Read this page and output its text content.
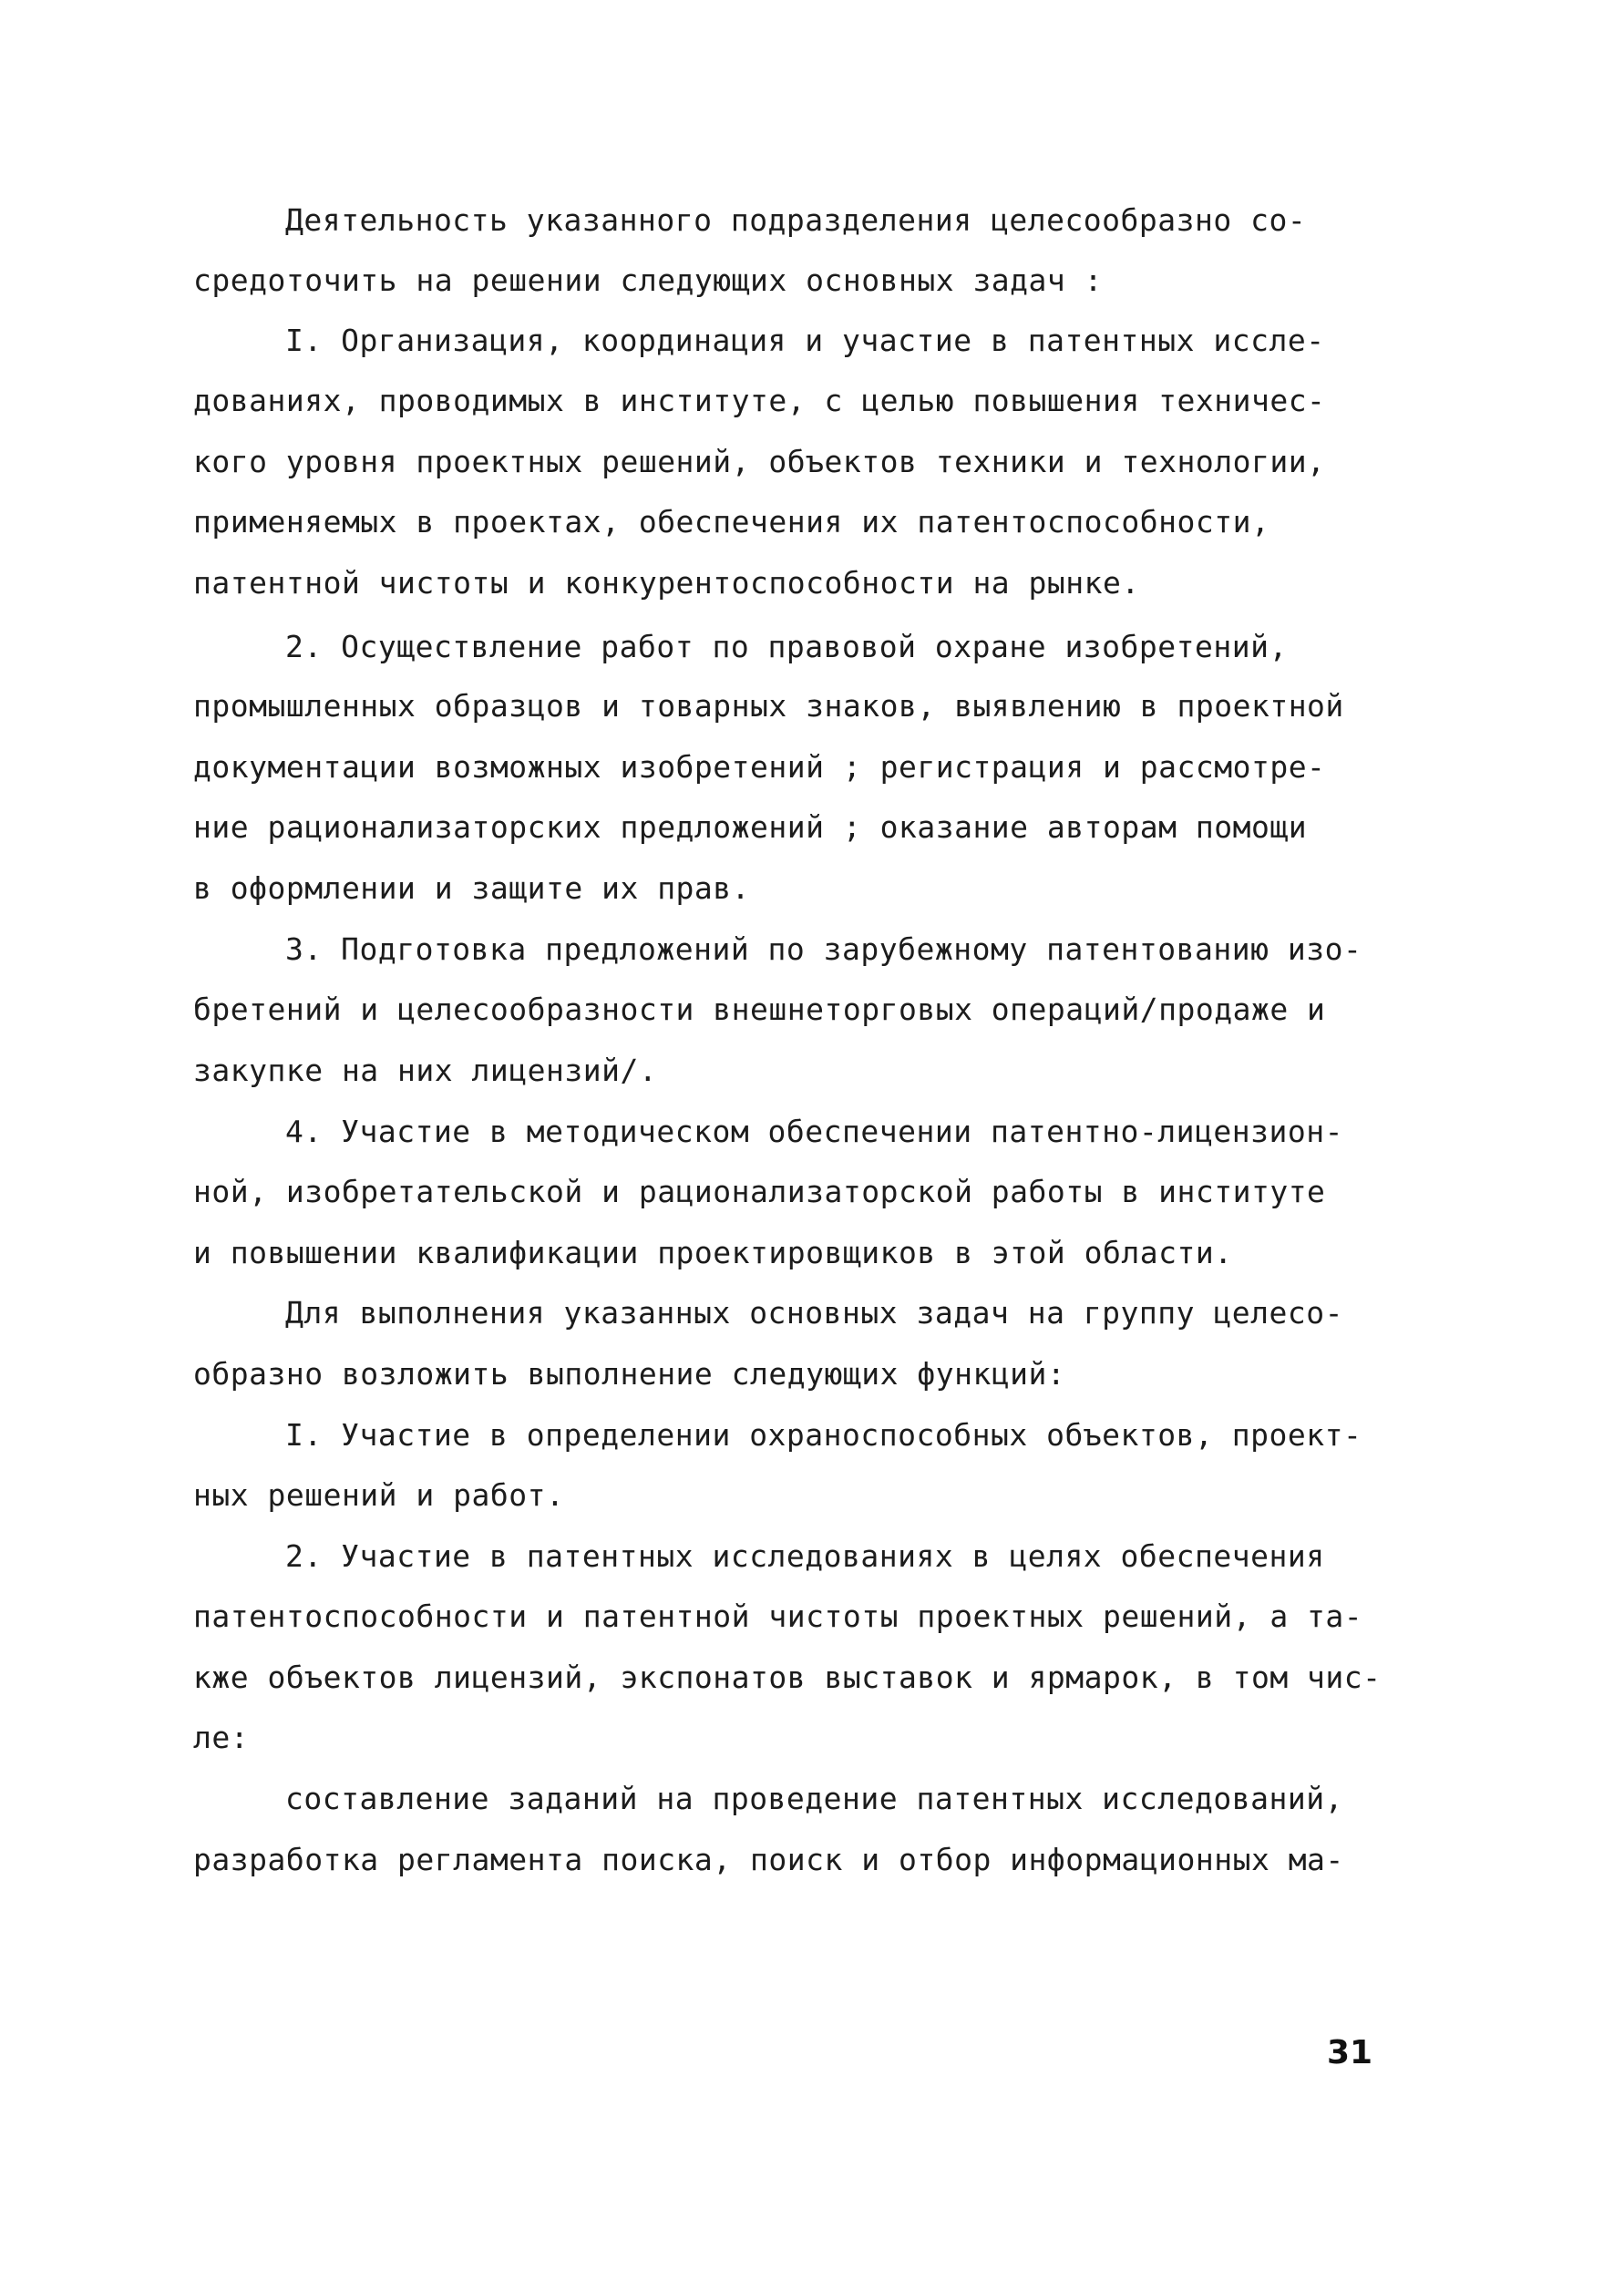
Деятельность указанного подразделения целесообразно со-
средоточить на решении следующих основных задач :
I. Организация, координация и участие в патентных иссле-
дованиях, проводимых в институте, с целью повышения техничес-
кого уровня проектных решений, объектов техники и технологии,
применяемых в проектах, обеспечения их патентоспособности,
патентной чистоты и конкурентоспособности на рынке.
2. Осуществление работ по правовой охране изобретений,
промышленных образцов и товарных знаков, выявлению в проектной
документации возможных изобретений ; регистрация и рассмотре-
ние рационализаторских предложений ; оказание авторам помощи
в оформлении и защите их прав.
3. Подготовка предложений по зарубежному патентованию изо-
бретений и целесообразности внешнеторговых операций/продаже и
закупке на них лицензий/.
4. Участие в методическом обеспечении патентно-лицензион-
ной, изобретательской и рационализаторской работы в институте
и повышении квалификации проектировщиков в этой области.
Для выполнения указанных основных задач на группу целесо-
образно возложить выполнение следующих функций:
I. Участие в определении охраноспособных объектов, проект-
ных решений и работ.
2. Участие в патентных исследованиях в целях обеспечения
патентоспособности и патентной чистоты проектных решений, а та-
кже объектов лицензий, экспонатов выставок и ярмарок, в том чис-
ле:
составление заданий на проведение патентных исследований,
разработка регламента поиска, поиск и отбор информационных ма-
31
